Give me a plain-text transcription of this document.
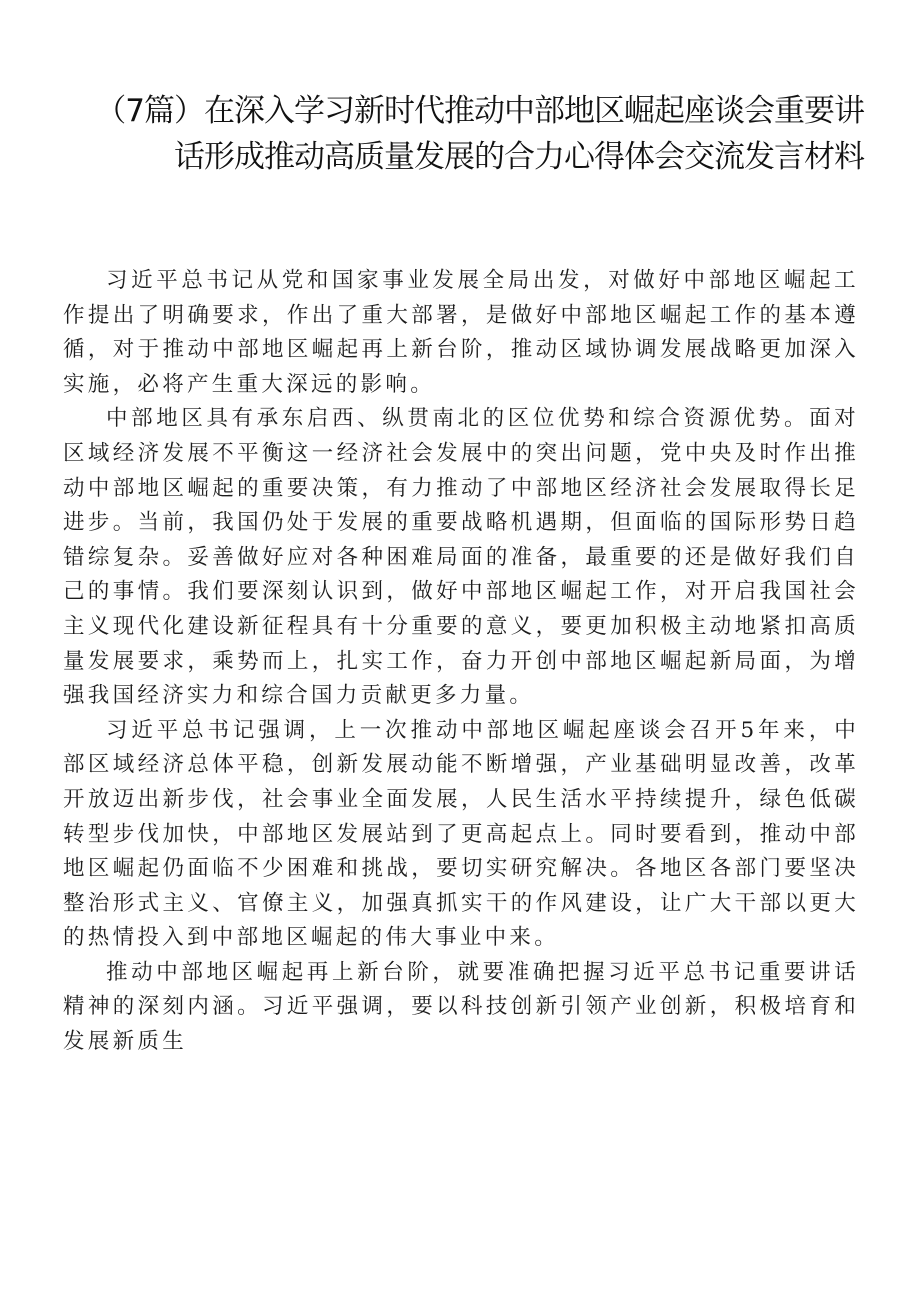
（7篇）在深入学习新时代推动中部地区崛起座谈会重要讲
话形成推动高质量发展的合力心得体会交流发言材料

习近平总书记从党和国家事业发展全局出发，对做好中部地区崛起工作提出了明确要求，作出了重大部署，是做好中部地区崛起工作的基本遵循，对于推动中部地区崛起再上新台阶，推动区域协调发展战略更加深入实施，必将产生重大深远的影响。

中部地区具有承东启西、纵贯南北的区位优势和综合资源优势。面对区域经济发展不平衡这一经济社会发展中的突出问题，党中央及时作出推动中部地区崛起的重要决策，有力推动了中部地区经济社会发展取得长足进步。当前，我国仍处于发展的重要战略机遇期，但面临的国际形势日趋错综复杂。妥善做好应对各种困难局面的准备，最重要的还是做好我们自己的事情。我们要深刻认识到，做好中部地区崛起工作，对开启我国社会主义现代化建设新征程具有十分重要的意义，要更加积极主动地紧扣高质量发展要求，乘势而上，扎实工作，奋力开创中部地区崛起新局面，为增强我国经济实力和综合国力贡献更多力量。

习近平总书记强调，上一次推动中部地区崛起座谈会召开5年来，中部区域经济总体平稳，创新发展动能不断增强，产业基础明显改善，改革开放迈出新步伐，社会事业全面发展，人民生活水平持续提升，绿色低碳转型步伐加快，中部地区发展站到了更高起点上。同时要看到，推动中部地区崛起仍面临不少困难和挑战，要切实研究解决。各地区各部门要坚决整治形式主义、官僚主义，加强真抓实干的作风建设，让广大干部以更大的热情投入到中部地区崛起的伟大事业中来。

推动中部地区崛起再上新台阶，就要准确把握习近平总书记重要讲话精神的深刻内涵。习近平强调，要以科技创新引领产业创新，积极培育和发展新质生
